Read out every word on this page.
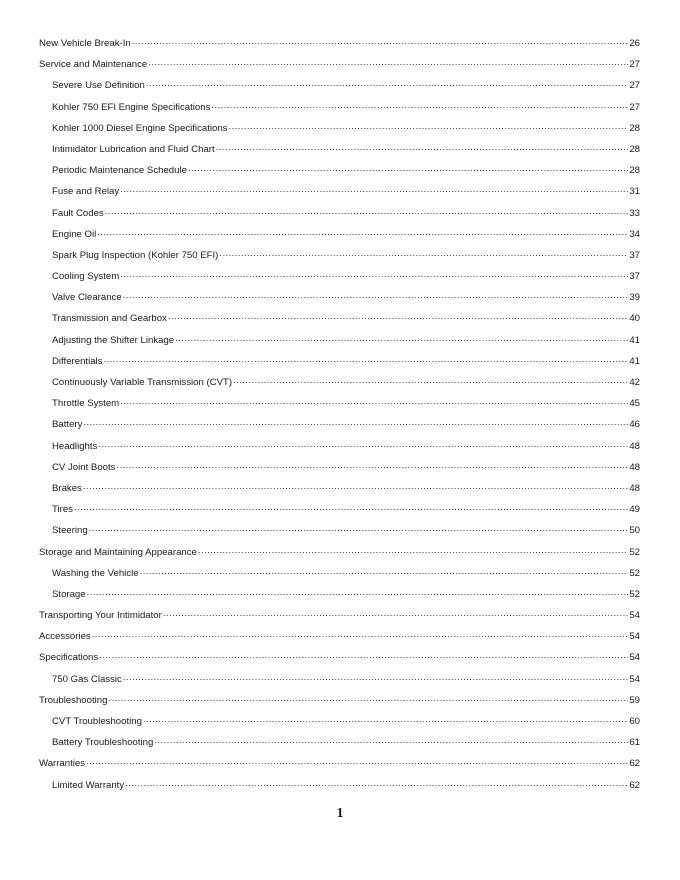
New Vehicle Break-In .....	26
Service and Maintenance .....	27
Severe Use Definition .....	27
Kohler 750 EFI Engine Specifications .....	27
Kohler 1000 Diesel Engine Specifications .....	28
Intimidator Lubrication and Fluid Chart .....	28
Periodic Maintenance Schedule .....	28
Fuse and Relay .....	31
Fault Codes .....	33
Engine Oil .....	34
Spark Plug Inspection (Kohler 750 EFI) .....	37
Cooling System .....	37
Valve Clearance .....	39
Transmission and Gearbox .....	40
Adjusting the Shifter Linkage .....	41
Differentials .....	41
Continuously Variable Transmission (CVT) .....	42
Throttle System .....	45
Battery .....	46
Headlights .....	48
CV Joint Boots .....	48
Brakes .....	48
Tires .....	49
Steering .....	50
Storage and Maintaining Appearance .....	52
Washing the Vehicle .....	52
Storage .....	52
Transporting Your Intimidator .....	54
Accessories .....	54
Specifications .....	54
750 Gas Classic .....	54
Troubleshooting .....	59
CVT Troubleshooting .....	60
Battery Troubleshooting .....	61
Warranties .....	62
Limited Warranty .....	62
1
